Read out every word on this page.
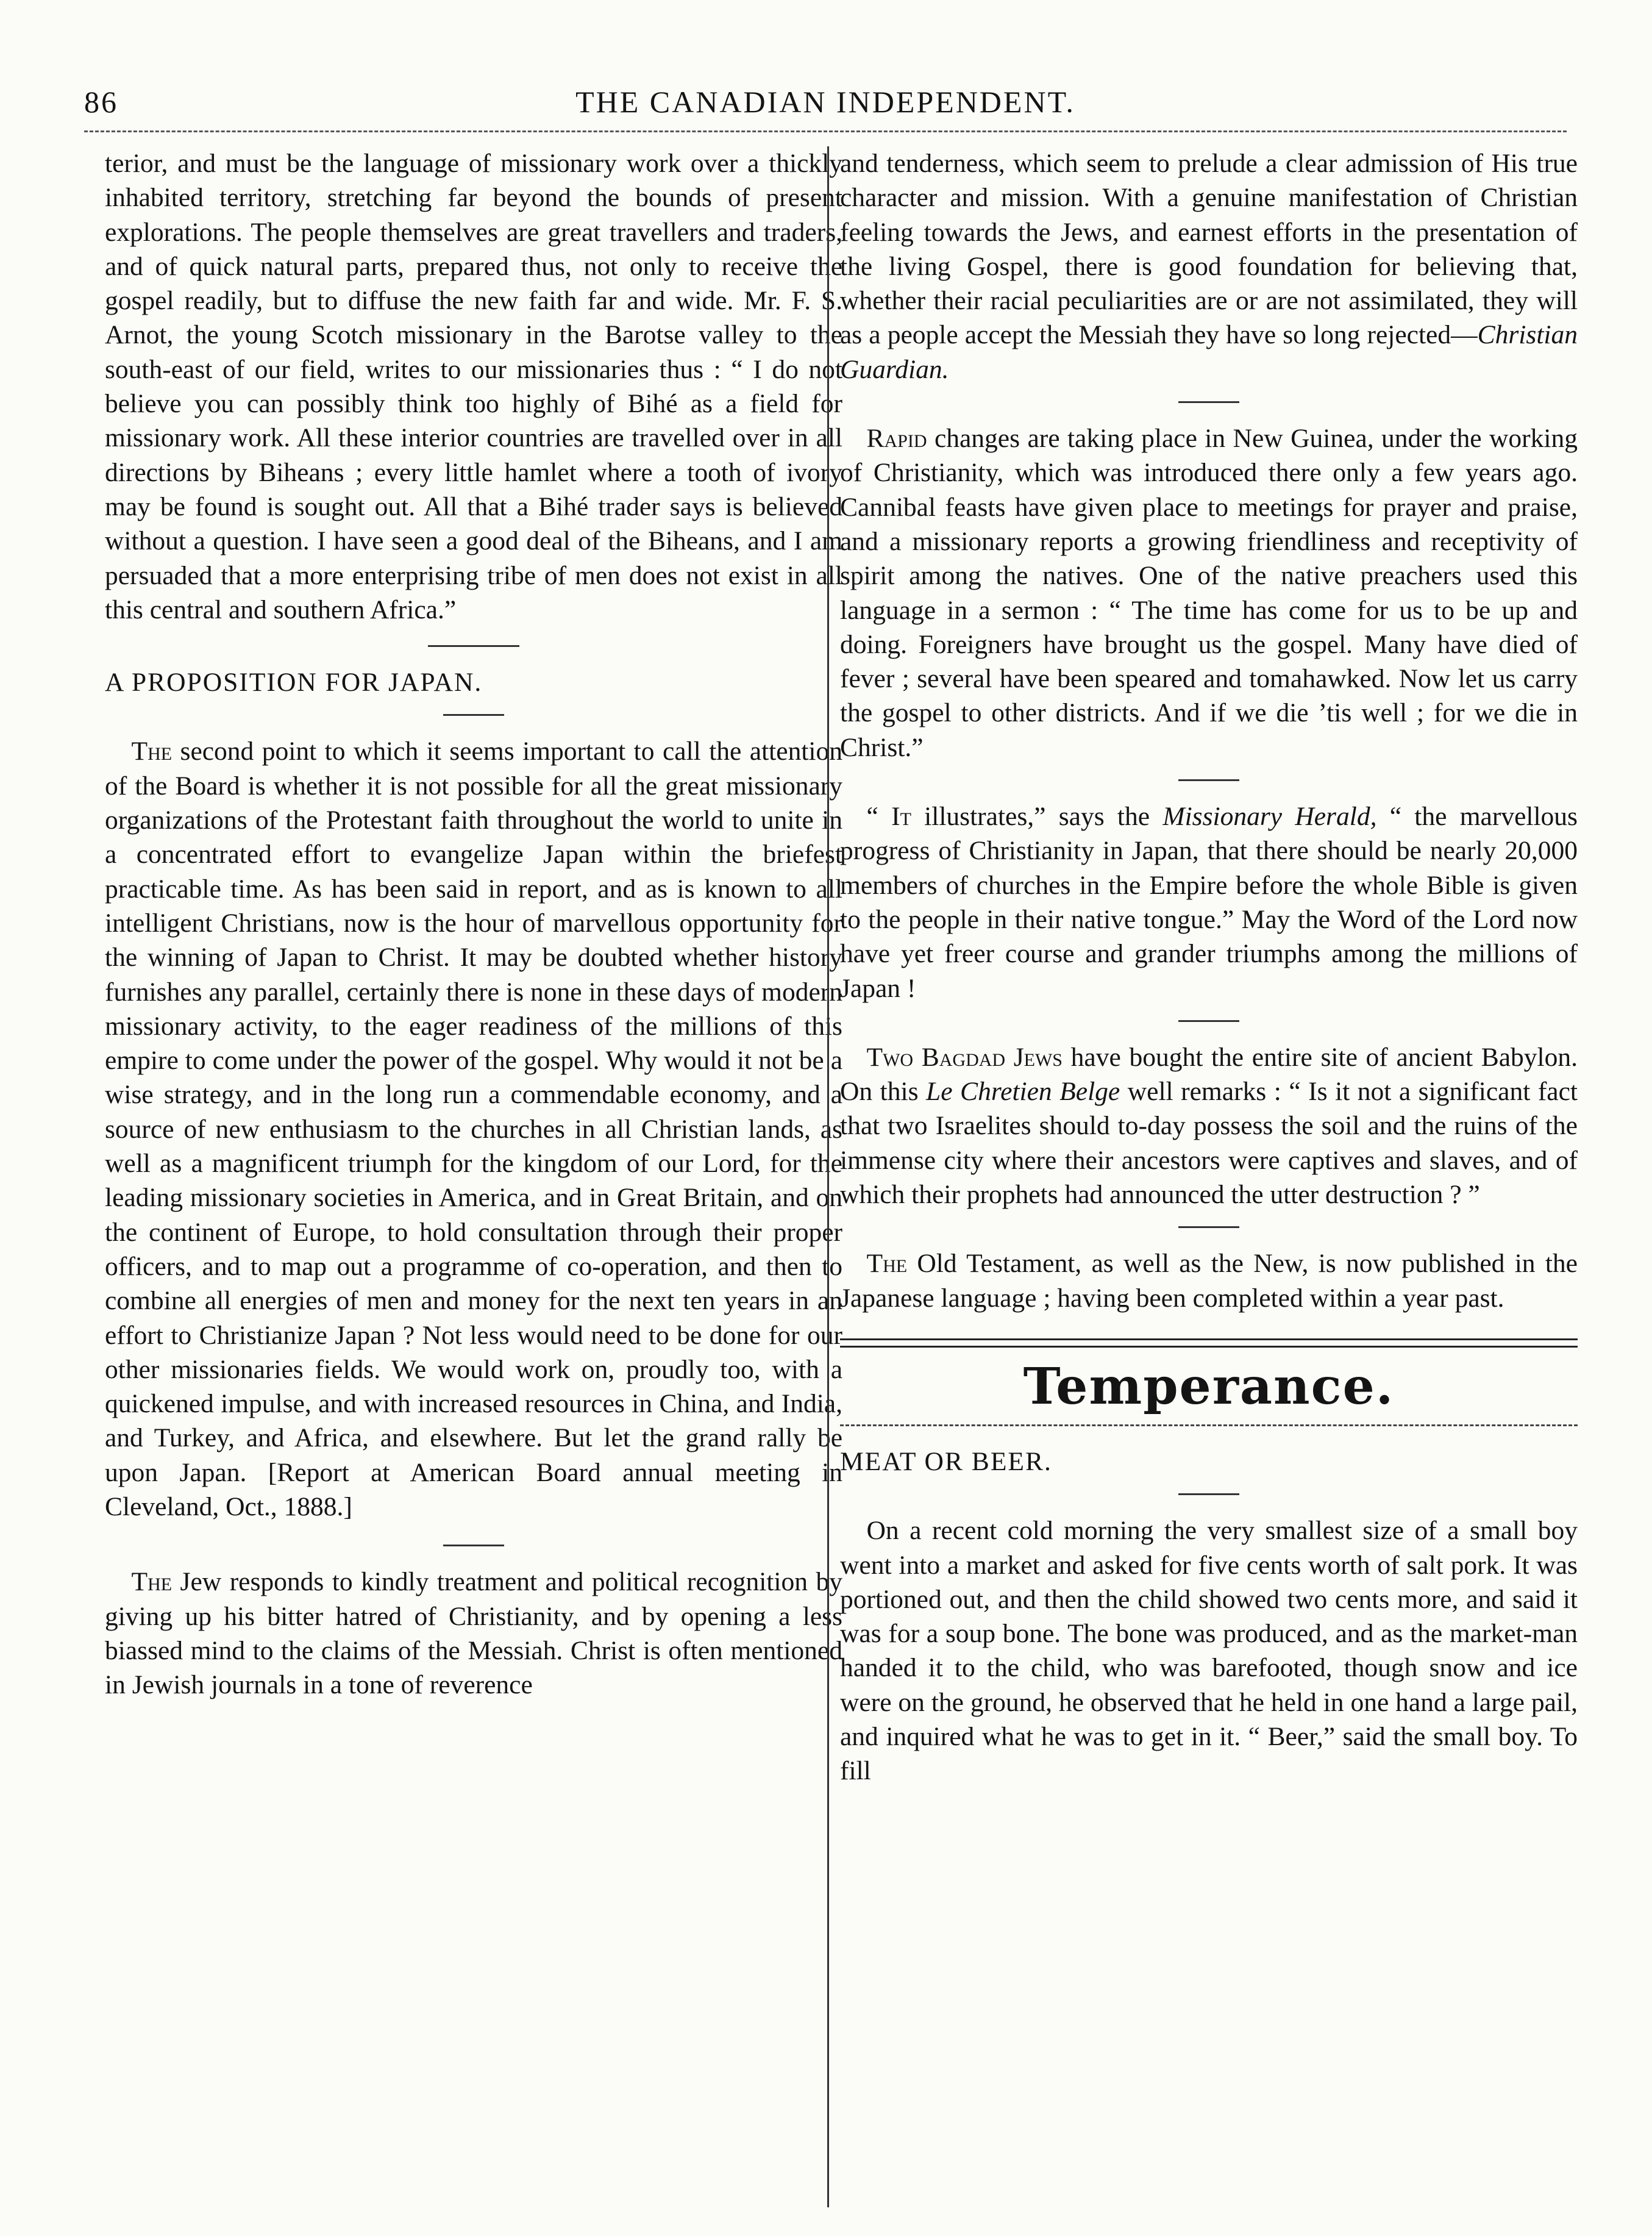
86	THE CANADIAN INDEPENDENT.

terior, and must be the language of missionary work over a thickly inhabited territory, stretching far beyond the bounds of present explorations. The people themselves are great travellers and traders, and of quick natural parts, prepared thus, not only to receive the gospel readily, but to diffuse the new faith far and wide. Mr. F. S. Arnot, the young Scotch missionary in the Barotse valley to the south-east of our field, writes to our missionaries thus : “ I do not believe you can possibly think too highly of Bihé as a field for missionary work. All these interior countries are travelled over in all directions by Biheans ; every little hamlet where a tooth of ivory may be found is sought out. All that a Bihé trader says is believed without a question. I have seen a good deal of the Biheans, and I am persuaded that a more enterprising tribe of men does not exist in all this central and southern Africa.”

A PROPOSITION FOR JAPAN.

 The second point to which it seems important to call the attention of the Board is whether it is not possible for all the great missionary organizations of the Protestant faith throughout the world to unite in a concentrated effort to evangelize Japan within the briefest practicable time. As has been said in report, and as is known to all intelligent Christians, now is the hour of marvellous opportunity for the winning of Japan to Christ. It may be doubted whether history furnishes any parallel, certainly there is none in these days of modern missionary activity, to the eager readiness of the millions of this empire to come under the power of the gospel. Why would it not be a wise strategy, and in the long run a commendable economy, and a source of new enthusiasm to the churches in all Christian lands, as well as a magnificent triumph for the kingdom of our Lord, for the leading missionary societies in America, and in Great Britain, and on the continent of Europe, to hold consultation through their proper officers, and to map out a programme of co-operation, and then to combine all energies of men and money for the next ten years in an effort to Christianize Japan ? Not less would need to be done for our other missionaries fields. We would work on, proudly too, with a quickened impulse, and with increased resources in China, and India, and Turkey, and Africa, and elsewhere. But let the grand rally be upon Japan. [Report at American Board annual meeting in Cleveland, Oct., 1888.]

 The Jew responds to kindly treatment and political recognition by giving up his bitter hatred of Christianity, and by opening a less biassed mind to the claims of the Messiah. Christ is often mentioned in Jewish journals in a tone of reverence

and tenderness, which seem to prelude a clear admission of His true character and mission. With a genuine manifestation of Christian feeling towards the Jews, and earnest efforts in the presentation of the living Gospel, there is good foundation for believing that, whether their racial peculiarities are or are not assimilated, they will as a people accept the Messiah they have so long rejected—Christian Guardian.

 Rapid changes are taking place in New Guinea, under the working of Christianity, which was introduced there only a few years ago. Cannibal feasts have given place to meetings for prayer and praise, and a missionary reports a growing friendliness and receptivity of spirit among the natives. One of the native preachers used this language in a sermon : “ The time has come for us to be up and doing. Foreigners have brought us the gospel. Many have died of fever ; several have been speared and tomahawked. Now let us carry the gospel to other districts. And if we die ’tis well ; for we die in Christ.”

 “ It illustrates,” says the Missionary Herald, “ the marvellous progress of Christianity in Japan, that there should be nearly 20,000 members of churches in the Empire before the whole Bible is given to the people in their native tongue.” May the Word of the Lord now have yet freer course and grander triumphs among the millions of Japan !

 Two Bagdad Jews have bought the entire site of ancient Babylon. On this Le Chretien Belge well remarks : “ Is it not a significant fact that two Israelites should to-day possess the soil and the ruins of the immense city where their ancestors were captives and slaves, and of which their prophets had announced the utter destruction ? ”

 The Old Testament, as well as the New, is now published in the Japanese language ; having been completed within a year past.

Temperance.

MEAT OR BEER.

 On a recent cold morning the very smallest size of a small boy went into a market and asked for five cents worth of salt pork. It was portioned out, and then the child showed two cents more, and said it was for a soup bone. The bone was produced, and as the market-man handed it to the child, who was barefooted, though snow and ice were on the ground, he observed that he held in one hand a large pail, and inquired what he was to get in it. “ Beer,” said the small boy. To fill
